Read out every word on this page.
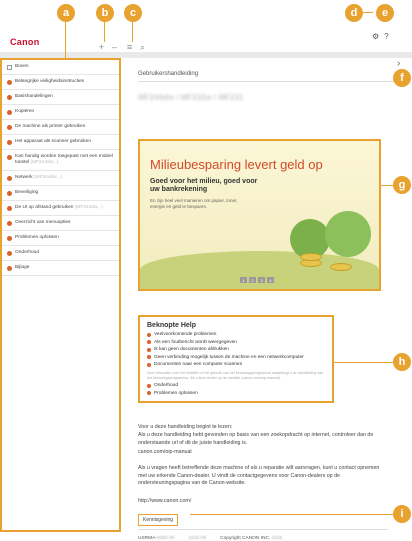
Canon	+ –	≡ ⌕
⚙ ?
›
a	b	c	d	e
f
g
h
i
Boven
Belangrijke veiligheidsinstructies
Basishandelingen
Kopiëren
De machine als printer gebruiken
Het apparaat als scanner gebruiken
Kan handig worden toegepast met een mobiel toestel (MF244dw...)
Netwerk (MF244dw...)
Beveiliging
De UI op afstand gebruiken (MF244dw...)
Overzicht van menuopties
Problemen oplossen
Onderhoud
Bijlage
Gebruikershandleiding
MF244dw / MF232w / MF231
Milieubesparing levert geld op
Goed voor het milieu, goed voor uw bankrekening

En zijn heel veel manieren om papier, toner, energie en geld te besparen.

1	2	3	4
Beknopte Help
Veelvoorkomende problemen
Als een foutbericht wordt weergegeven
Ik kan geen documenten afdrukken
Geen verbinding mogelijk tussen de machine en een netwerkcomputer
Documenten naar een computer scannen
Voor informatie over het instellen of het gebruik van het besturingsprogramma raadpleegt u de handleiding van het besturingsprogramma, die u kunt vinden op de website (canon.com/oip-manual).
Onderhoud
Problemen oplossen
Voor u deze handleiding begint te lezen:
Als u deze handleiding hebt gevonden op basis van een zoekopdracht op internet, controleer dan de onderstaande url of dit de juiste handleiding is.
canon.com/oip-manual
Als u vragen heeft betreffende deze machine of als u reparatie wilt aanvragen, kunt u contact opnemen met uw erkende Canon-dealer. U vindt de contactgegevens voor Canon-dealers op de ondersteuningspagina van de Canon-website.
http://www.canon.com/
Kennisgeving
USRMA-0000-00	2016-08	Copyright CANON INC. 2016
